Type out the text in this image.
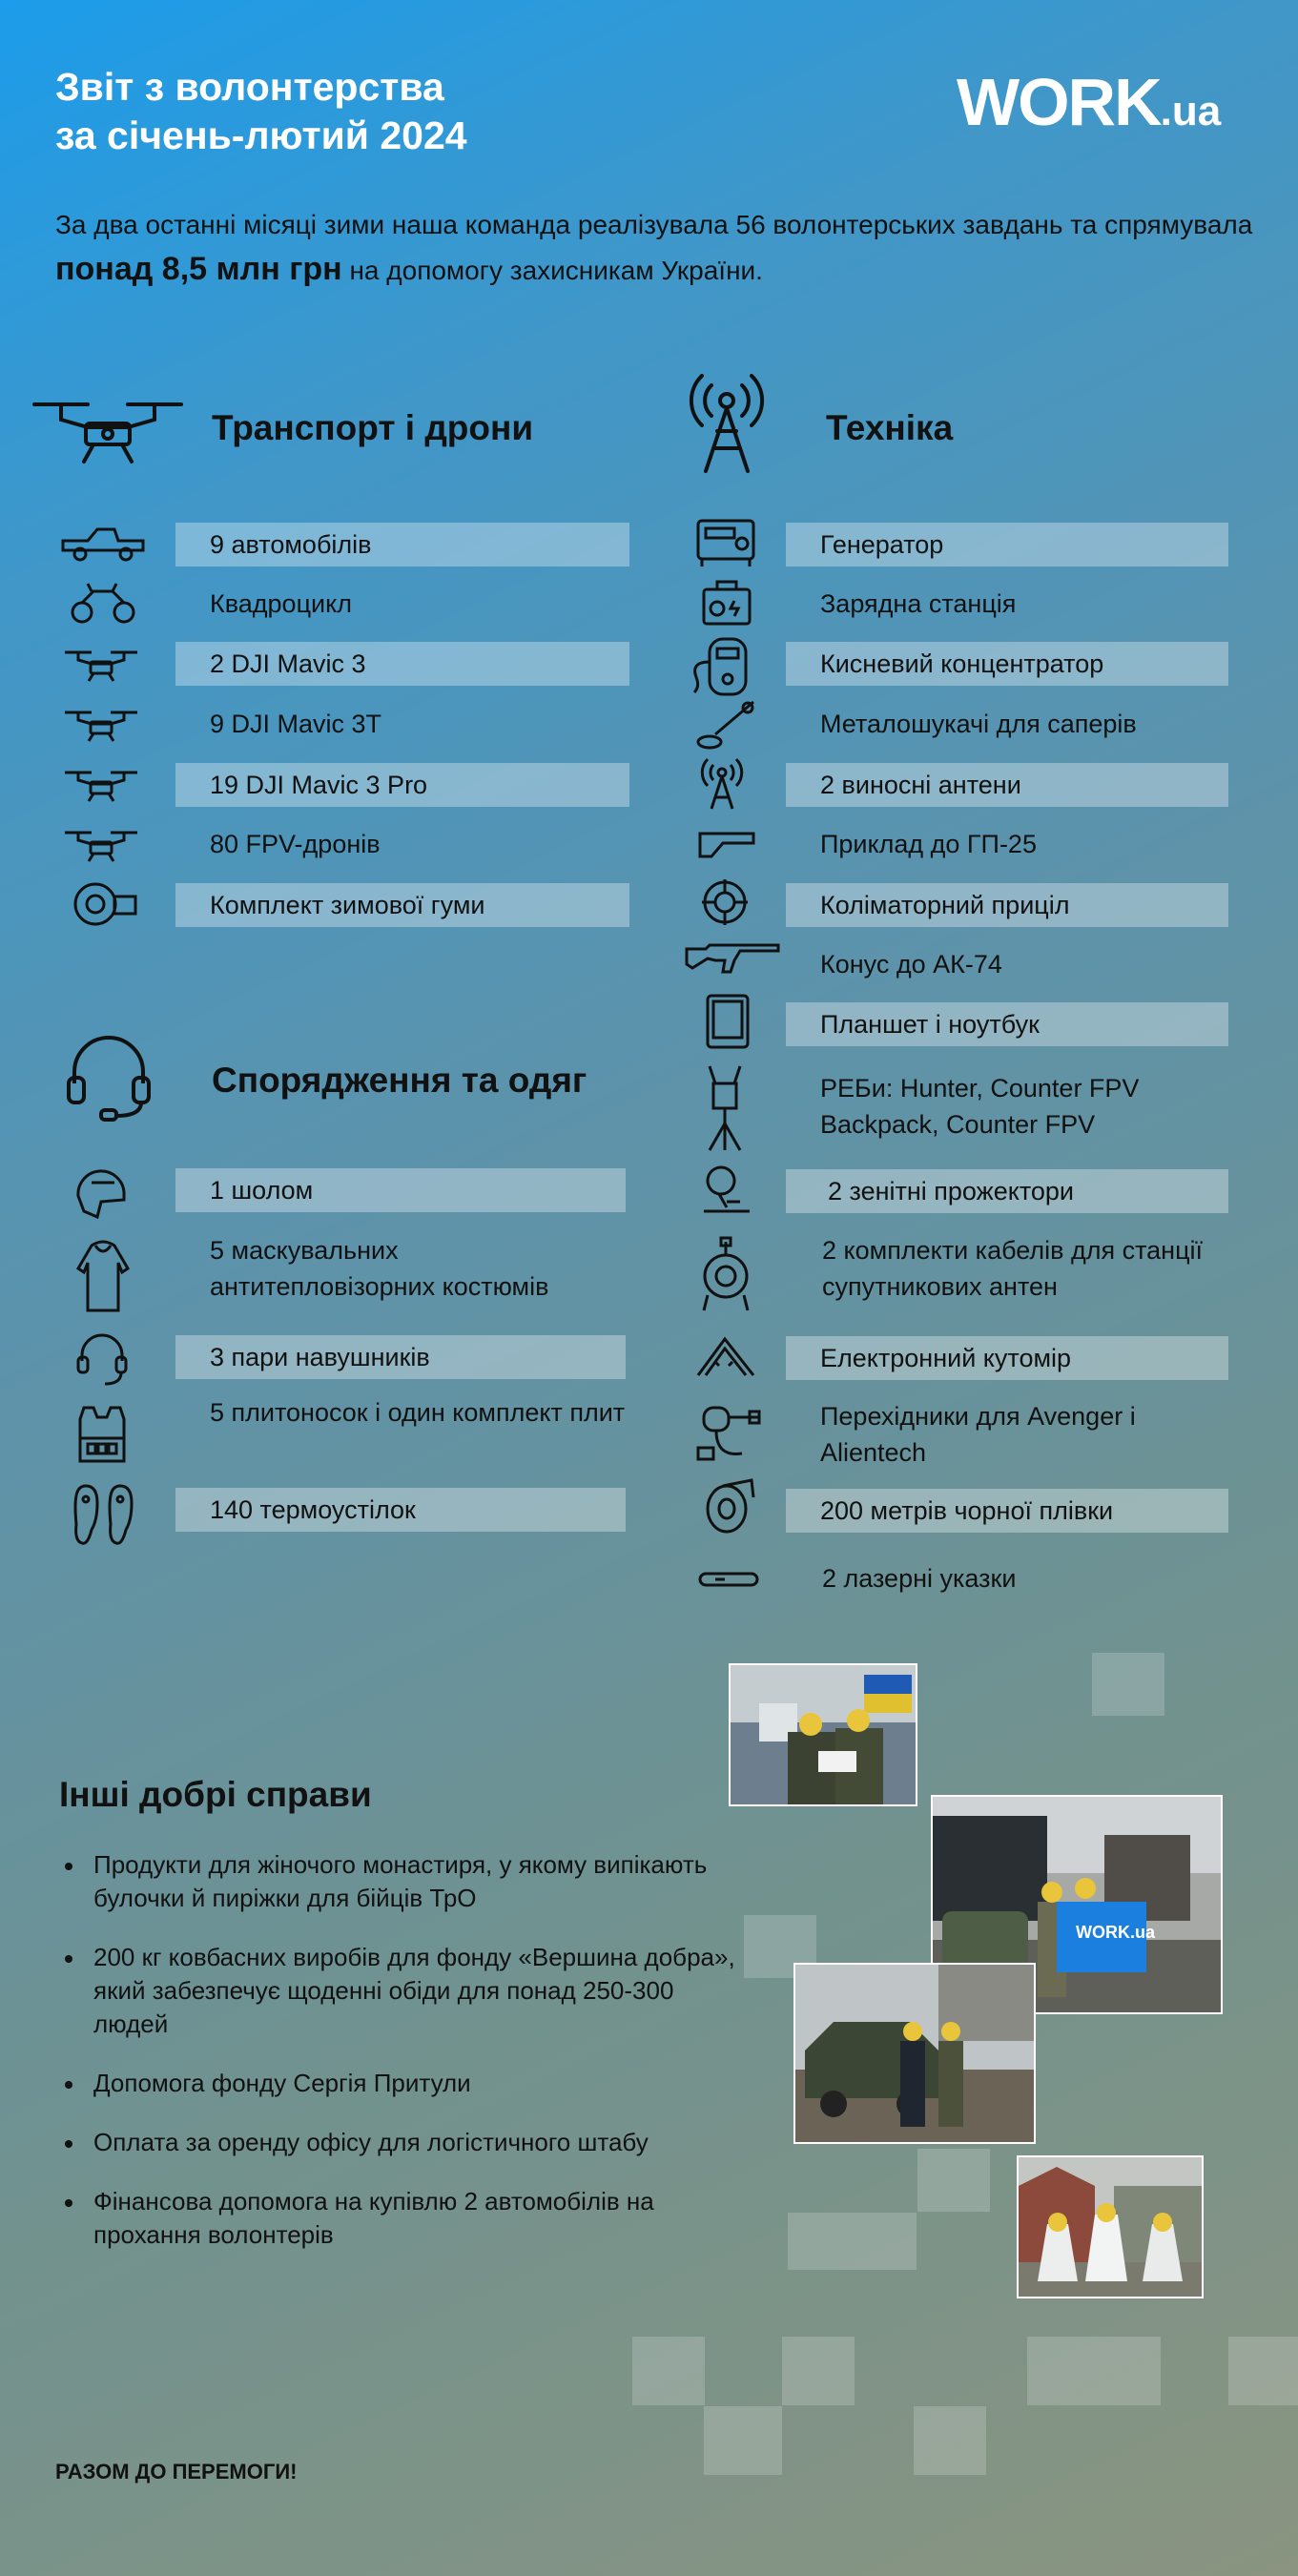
Звіт з волонтерства
за січень-лютий 2024	WORK.ua
За два останні місяці зими наша команда реалізувала 56 волонтерських завдань та спрямувала понад 8,5 млн грн на допомогу захисникам України.
Транспорт і дрони
9 автомобілів
Квадроцикл
2 DJI Mavic 3
9 DJI Mavic 3T
19 DJI Mavic 3 Pro
80 FPV-дронів
Комплект зимової гуми
Спорядження та одяг
1 шолом
5 маскувальних антитепловізорних костюмів
3 пари навушників
5 плитоносок і один комплект плит
140 термоустілок
Техніка
Генератор
Зарядна станція
Кисневий концентратор
Металошукачі для саперів
2 виносні антени
Приклад до ГП-25
Коліматорний приціл
Конус до АК-74
Планшет і ноутбук
РЕБи: Hunter, Counter FPV Backpack, Counter FPV
2 зенітні прожектори
2 комплекти кабелів для станції супутникових антен
Електронний кутомір
Перехідники для Avenger і Alientech
200 метрів чорної плівки
2 лазерні указки
WORK.ua
Інші добрі справи
Продукти для жіночого монастиря, у якому випікають булочки й пиріжки для бійців ТрО
200 кг ковбасних виробів для фонду «Вершина добра», який забезпечує щоденні обіди для понад 250-300 людей
Допомога фонду Сергія Притули
Оплата за оренду офісу для логістичного штабу
Фінансова допомога на купівлю 2 автомобілів на прохання волонтерів
РАЗОМ ДО ПЕРЕМОГИ!
